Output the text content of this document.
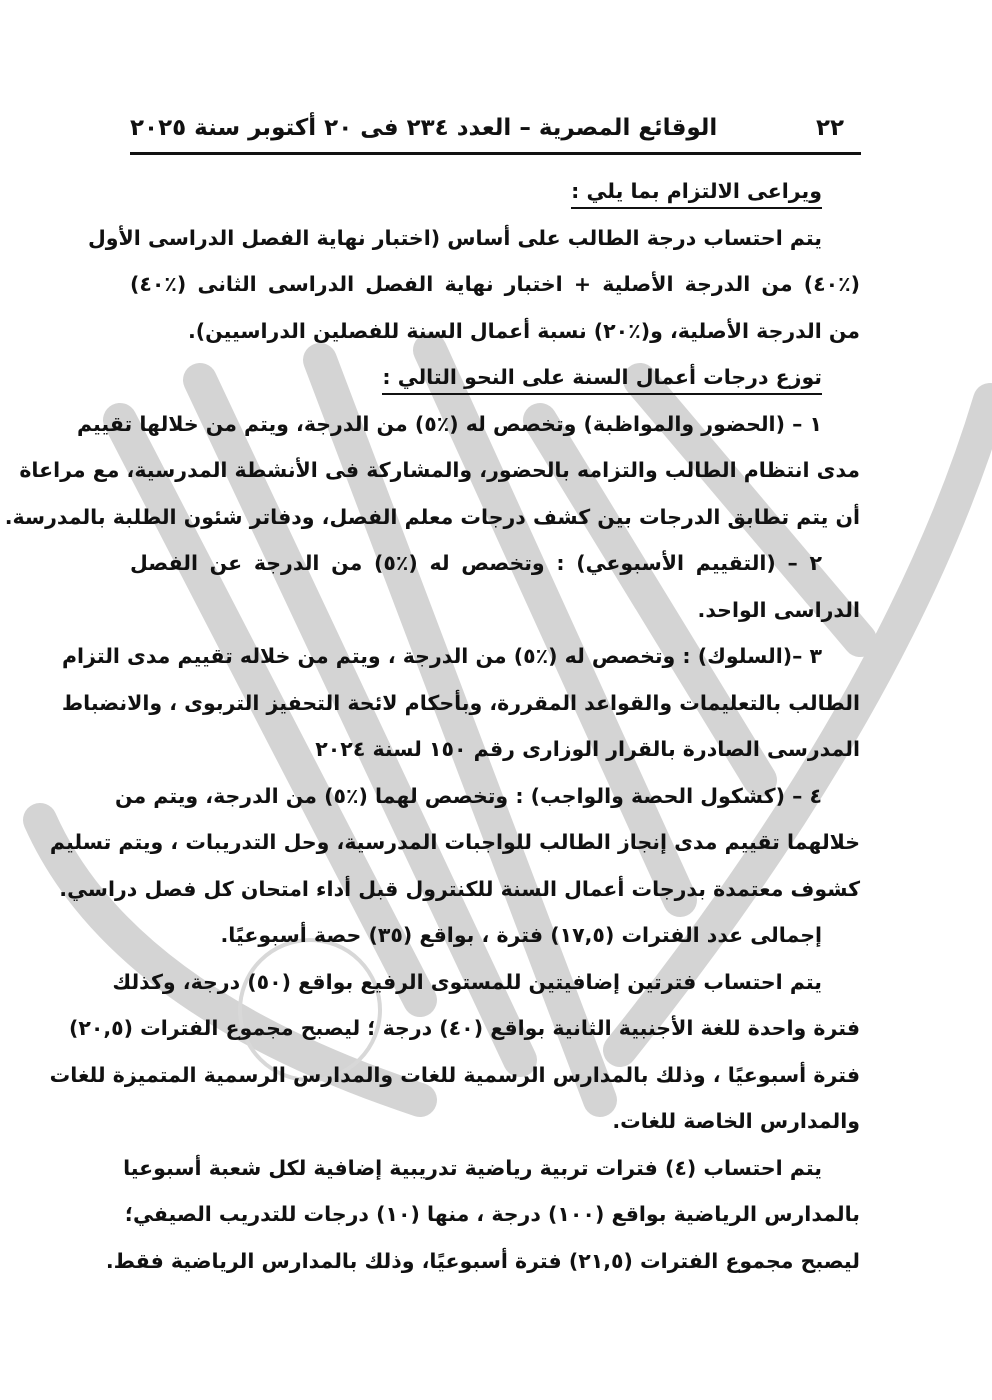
٢٢
الوقائع المصرية – العدد ٢٣٤ فى ٢٠ أكتوبر سنة ٢٠٢٥
ويراعى الالتزام بما يلي :
يتم احتساب درجة الطالب على أساس (اختبار نهاية الفصل الدراسى الأول
(٪٤٠) من الدرجة الأصلية + اختبار نهاية الفصل الدراسى الثانى (٪٤٠)
من الدرجة الأصلية، و(٪٢٠) نسبة أعمال السنة للفصلين الدراسيين).
توزع درجات أعمال السنة على النحو التالي :
١ – (الحضور والمواظبة) وتخصص له (٪٥) من الدرجة، ويتم من خلالها تقييم
مدى انتظام الطالب والتزامه بالحضور، والمشاركة فى الأنشطة المدرسية، مع مراعاة
أن يتم تطابق الدرجات بين كشف درجات معلم الفصل، ودفاتر شئون الطلبة بالمدرسة.
٢ – (التقييم الأسبوعي) : وتخصص له (٪٥) من الدرجة عن الفصل
الدراسى الواحد.
٣ –(السلوك) : وتخصص له (٪٥) من الدرجة ، ويتم من خلاله تقييم مدى التزام
الطالب بالتعليمات والقواعد المقررة، وبأحكام لائحة التحفيز التربوى ، والانضباط
المدرسى الصادرة بالقرار الوزارى رقم ١٥٠ لسنة ٢٠٢٤
٤ – (كشكول الحصة والواجب) : وتخصص لهما (٪٥) من الدرجة، ويتم من
خلالهما تقييم مدى إنجاز الطالب للواجبات المدرسية، وحل التدريبات ، ويتم تسليم
كشوف معتمدة بدرجات أعمال السنة للكنترول قبل أداء امتحان كل فصل دراسي.
إجمالى عدد الفترات (١٧,٥) فترة ، بواقع (٣٥) حصة أسبوعيًا.
يتم احتساب فترتين إضافيتين للمستوى الرفيع بواقع (٥٠) درجة، وكذلك
فترة واحدة للغة الأجنبية الثانية بواقع (٤٠) درجة ؛ ليصبح مجموع الفترات (٢٠,٥)
فترة أسبوعيًا ، وذلك بالمدارس الرسمية للغات والمدارس الرسمية المتميزة للغات
والمدارس الخاصة للغات.
يتم احتساب (٤) فترات تربية رياضية تدريبية إضافية لكل شعبة أسبوعيا
بالمدارس الرياضية بواقع (١٠٠) درجة ، منها (١٠) درجات للتدريب الصيفي؛
ليصبح مجموع الفترات (٢١,٥) فترة أسبوعيًا، وذلك بالمدارس الرياضية فقط.
